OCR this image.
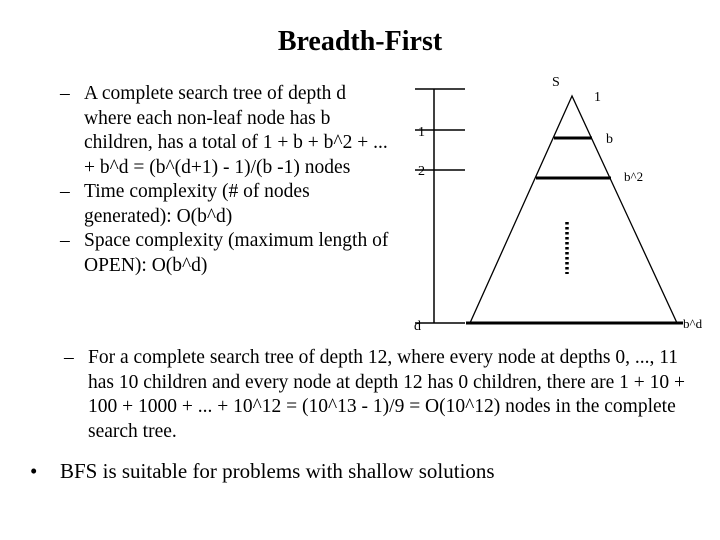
Breadth-First
– A complete search tree of depth d where each non-leaf node has b children, has a total of 1 + b + b^2 + ... + b^d = (b^(d+1) - 1)/(b -1) nodes
– Time complexity (# of nodes generated): O(b^d)
– Space complexity (maximum length of OPEN): O(b^d)
1
2
d
S
1
b
b^2
b^d
– For a complete search tree of depth 12, where every node at depths 0, ..., 11 has 10 children and every node at depth 12 has 0 children, there are 1 + 10 + 100 + 1000 + ... + 10^12 = (10^13 - 1)/9 = O(10^12) nodes in the complete search tree.
• BFS is suitable for problems with shallow solutions
